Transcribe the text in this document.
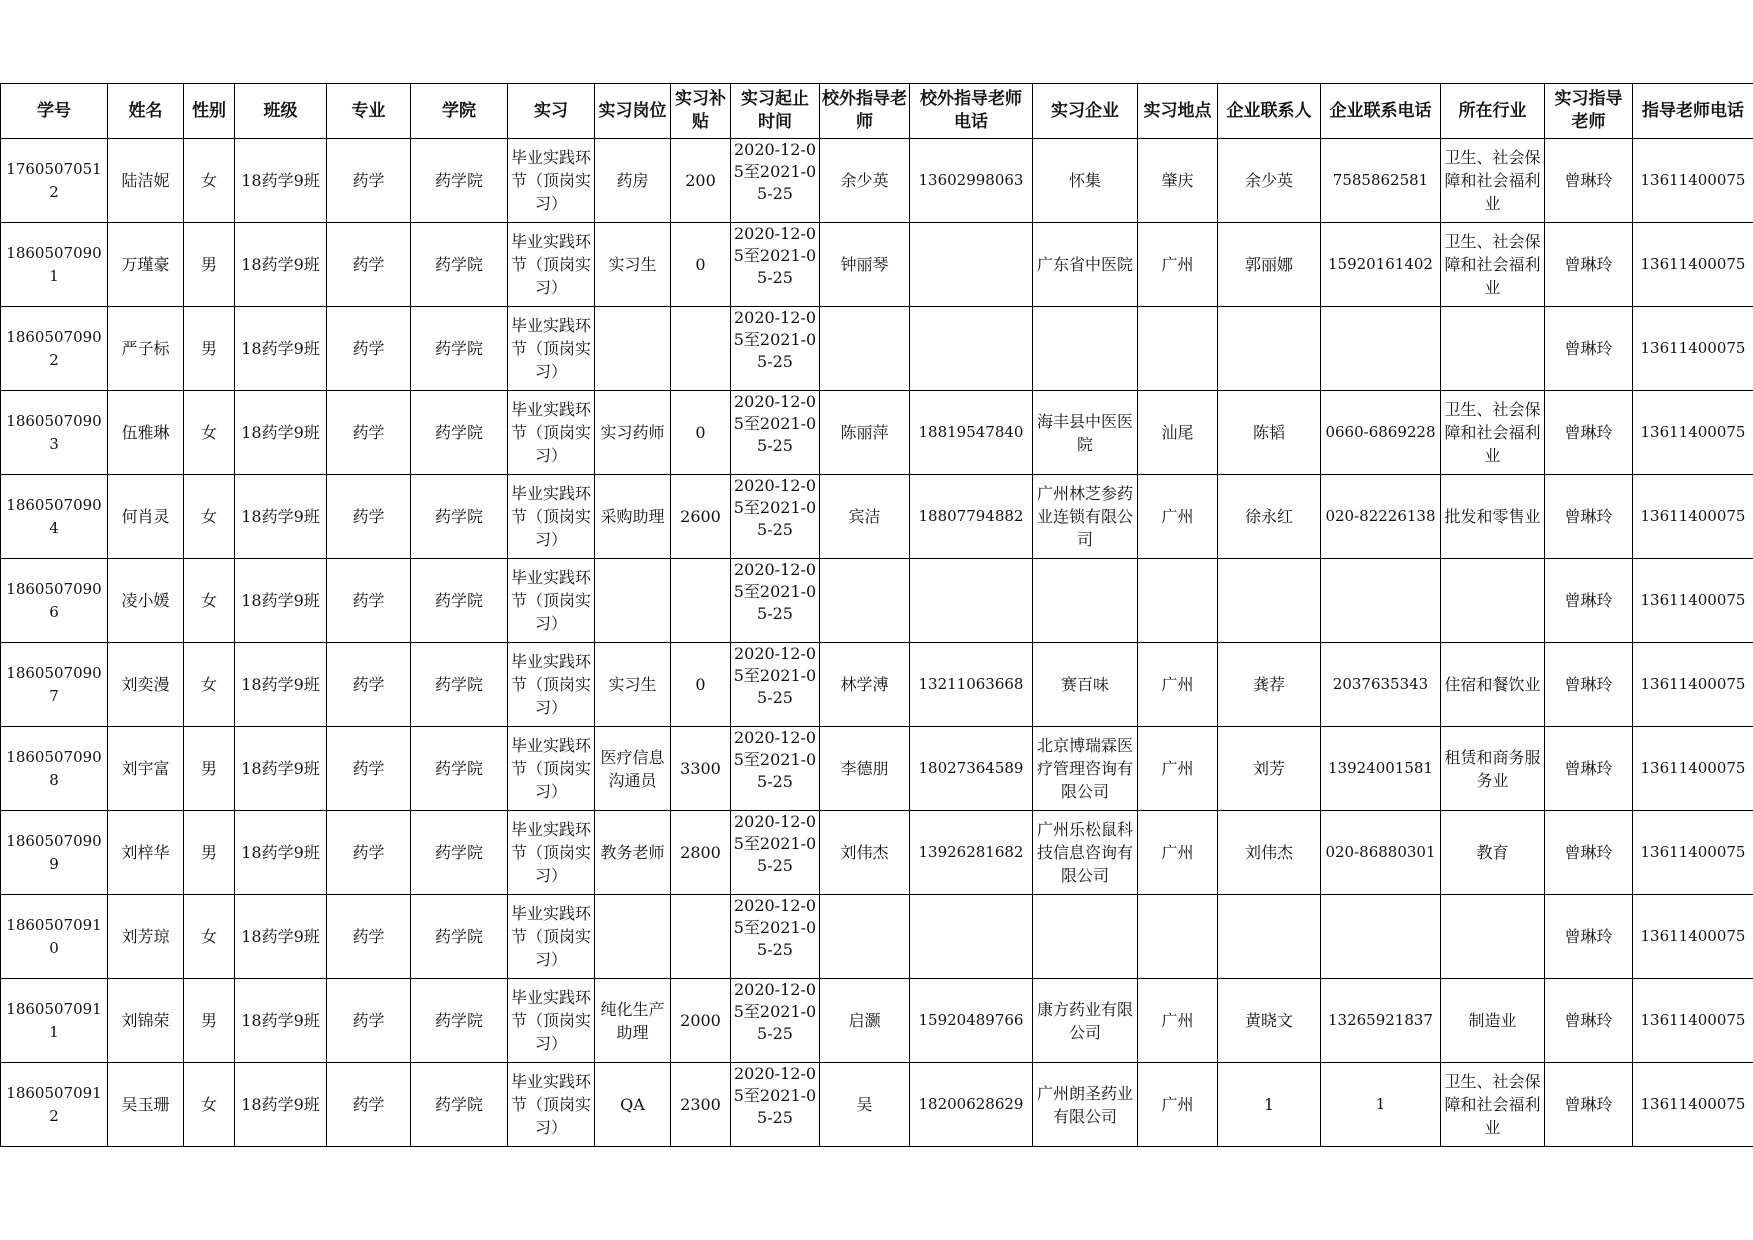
学号	姓名	性别	班级	专业	学院	实习	实习岗位	实习补贴	实习起止时间	校外指导老师	校外指导老师电话	实习企业	实习地点	企业联系人	企业联系电话	所在行业	实习指导老师	指导老师电话

17605070512	陆洁妮	女	18药学9班	药学	药学院	毕业实践环节（顶岗实习）	药房	200	2020-12-05至2021-05-25	余少英	13602998063	怀集	肇庆	余少英	7585862581	卫生、社会保障和社会福利业	曾琳玲	13611400075

18605070901	万瑾豪	男	18药学9班	药学	药学院	毕业实践环节（顶岗实习）	实习生	0	2020-12-05至2021-05-25	钟丽琴		广东省中医院	广州	郭丽娜	15920161402	卫生、社会保障和社会福利业	曾琳玲	13611400075

18605070902	严子标	男	18药学9班	药学	药学院	毕业实践环节（顶岗实习）			2020-12-05至2021-05-25								曾琳玲	13611400075

18605070903	伍雅琳	女	18药学9班	药学	药学院	毕业实践环节（顶岗实习）	实习药师	0	2020-12-05至2021-05-25	陈丽萍	18819547840	海丰县中医医院	汕尾	陈韬	0660-6869228	卫生、社会保障和社会福利业	曾琳玲	13611400075

18605070904	何肖灵	女	18药学9班	药学	药学院	毕业实践环节（顶岗实习）	采购助理	2600	2020-12-05至2021-05-25	宾洁	18807794882	广州林芝参药业连锁有限公司	广州	徐永红	020-82226138	批发和零售业	曾琳玲	13611400075

18605070906	凌小媛	女	18药学9班	药学	药学院	毕业实践环节（顶岗实习）			2020-12-05至2021-05-25								曾琳玲	13611400075

18605070907	刘奕漫	女	18药学9班	药学	药学院	毕业实践环节（顶岗实习）	实习生	0	2020-12-05至2021-05-25	林学溥	13211063668	赛百味	广州	龚荐	2037635343	住宿和餐饮业	曾琳玲	13611400075

18605070908	刘宇富	男	18药学9班	药学	药学院	毕业实践环节（顶岗实习）	医疗信息沟通员	3300	2020-12-05至2021-05-25	李德朋	18027364589	北京博瑞霖医疗管理咨询有限公司	广州	刘芳	13924001581	租赁和商务服务业	曾琳玲	13611400075

18605070909	刘梓华	男	18药学9班	药学	药学院	毕业实践环节（顶岗实习）	教务老师	2800	2020-12-05至2021-05-25	刘伟杰	13926281682	广州乐松鼠科技信息咨询有限公司	广州	刘伟杰	020-86880301	教育	曾琳玲	13611400075

18605070910	刘芳琼	女	18药学9班	药学	药学院	毕业实践环节（顶岗实习）			2020-12-05至2021-05-25								曾琳玲	13611400075

18605070911	刘锦荣	男	18药学9班	药学	药学院	毕业实践环节（顶岗实习）	纯化生产助理	2000	2020-12-05至2021-05-25	启灏	15920489766	康方药业有限公司	广州	黄晓文	13265921837	制造业	曾琳玲	13611400075

18605070912	吴玉珊	女	18药学9班	药学	药学院	毕业实践环节（顶岗实习）	QA	2300	2020-12-05至2021-05-25	吴	18200628629	广州朗圣药业有限公司	广州	1	1	卫生、社会保障和社会福利业	曾琳玲	13611400075
